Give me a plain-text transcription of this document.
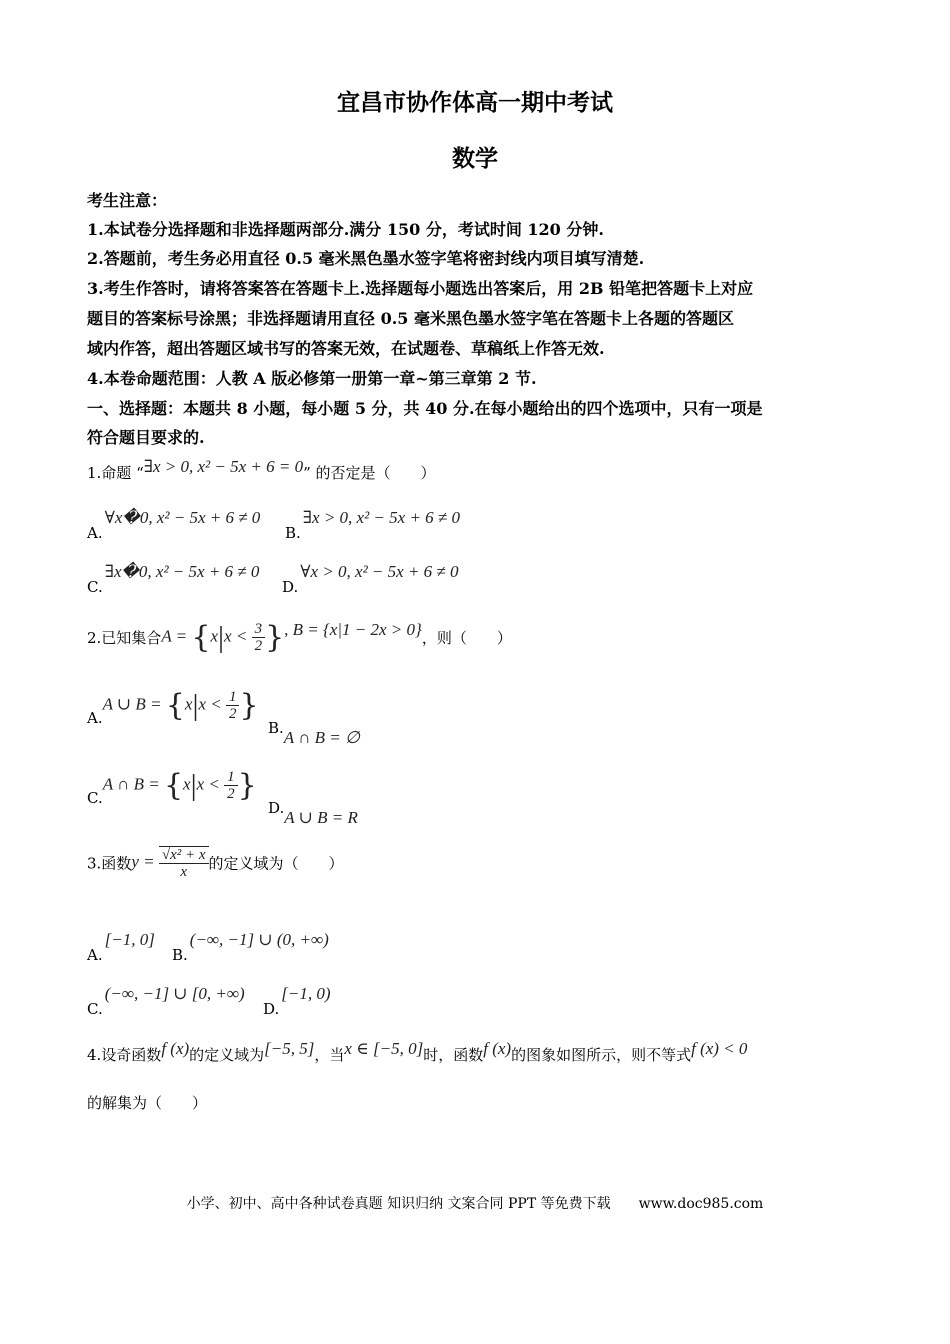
宜昌市协作体高一期中考试
数学
考生注意：
1.本试卷分选择题和非选择题两部分.满分 150 分，考试时间 120 分钟.
2.答题前，考生务必用直径 0.5 毫米黑色墨水签字笔将密封线内项目填写清楚.
3.考生作答时，请将答案答在答题卡上.选择题每小题选出答案后，用 2B 铅笔把答题卡上对应
题目的答案标号涂黑；非选择题请用直径 0.5 毫米黑色墨水签字笔在答题卡上各题的答题区
域内作答，超出答题区域书写的答案无效，在试题卷、草稿纸上作答无效.
4.本卷命题范围：人教 A 版必修第一册第一章~第三章第 2 节.
一、选择题：本题共 8 小题，每小题 5 分，共 40 分.在每小题给出的四个选项中，只有一项是
符合题目要求的.
1.命题 “∃x > 0, x² − 5x + 6 = 0” 的否定是（　　）
A.∀x�0, x² − 5x + 6 ≠ 0
B.∃x > 0, x² − 5x + 6 ≠ 0
C.∃x�0, x² − 5x + 6 ≠ 0
D.∀x > 0, x² − 5x + 6 ≠ 0
2.已知集合$A = \{x|x < \frac{3}{2}$ }, B = {x|1 − 2x > 0}，则（　　）
A.A ∪ $B = \{x|x < \frac{1}{2}$ }
B.A ∩ B = ∅
C.A ∩ $B = \{x|x < \frac{1}{2}$ }
D.A ∪ B = R
3.函数$y = \frac{\text{√x² + x}}{x}$ 的定义域为（　　）
A.[−1, 0]
B.(−∞, −1] ∪ (0, +∞)
C.(−∞, −1] ∪ [0, +∞)
D.[−1, 0)
4.设奇函数f (x)的定义域为[−5, 5]，当x ∈ [−5, 0]时，函数f (x)的图象如图所示，则不等式f (x) < 0
的解集为（　　）
小学、初中、高中各种试卷真题 知识归纳 文案合同 PPT 等免费下载 www.doc985.com
